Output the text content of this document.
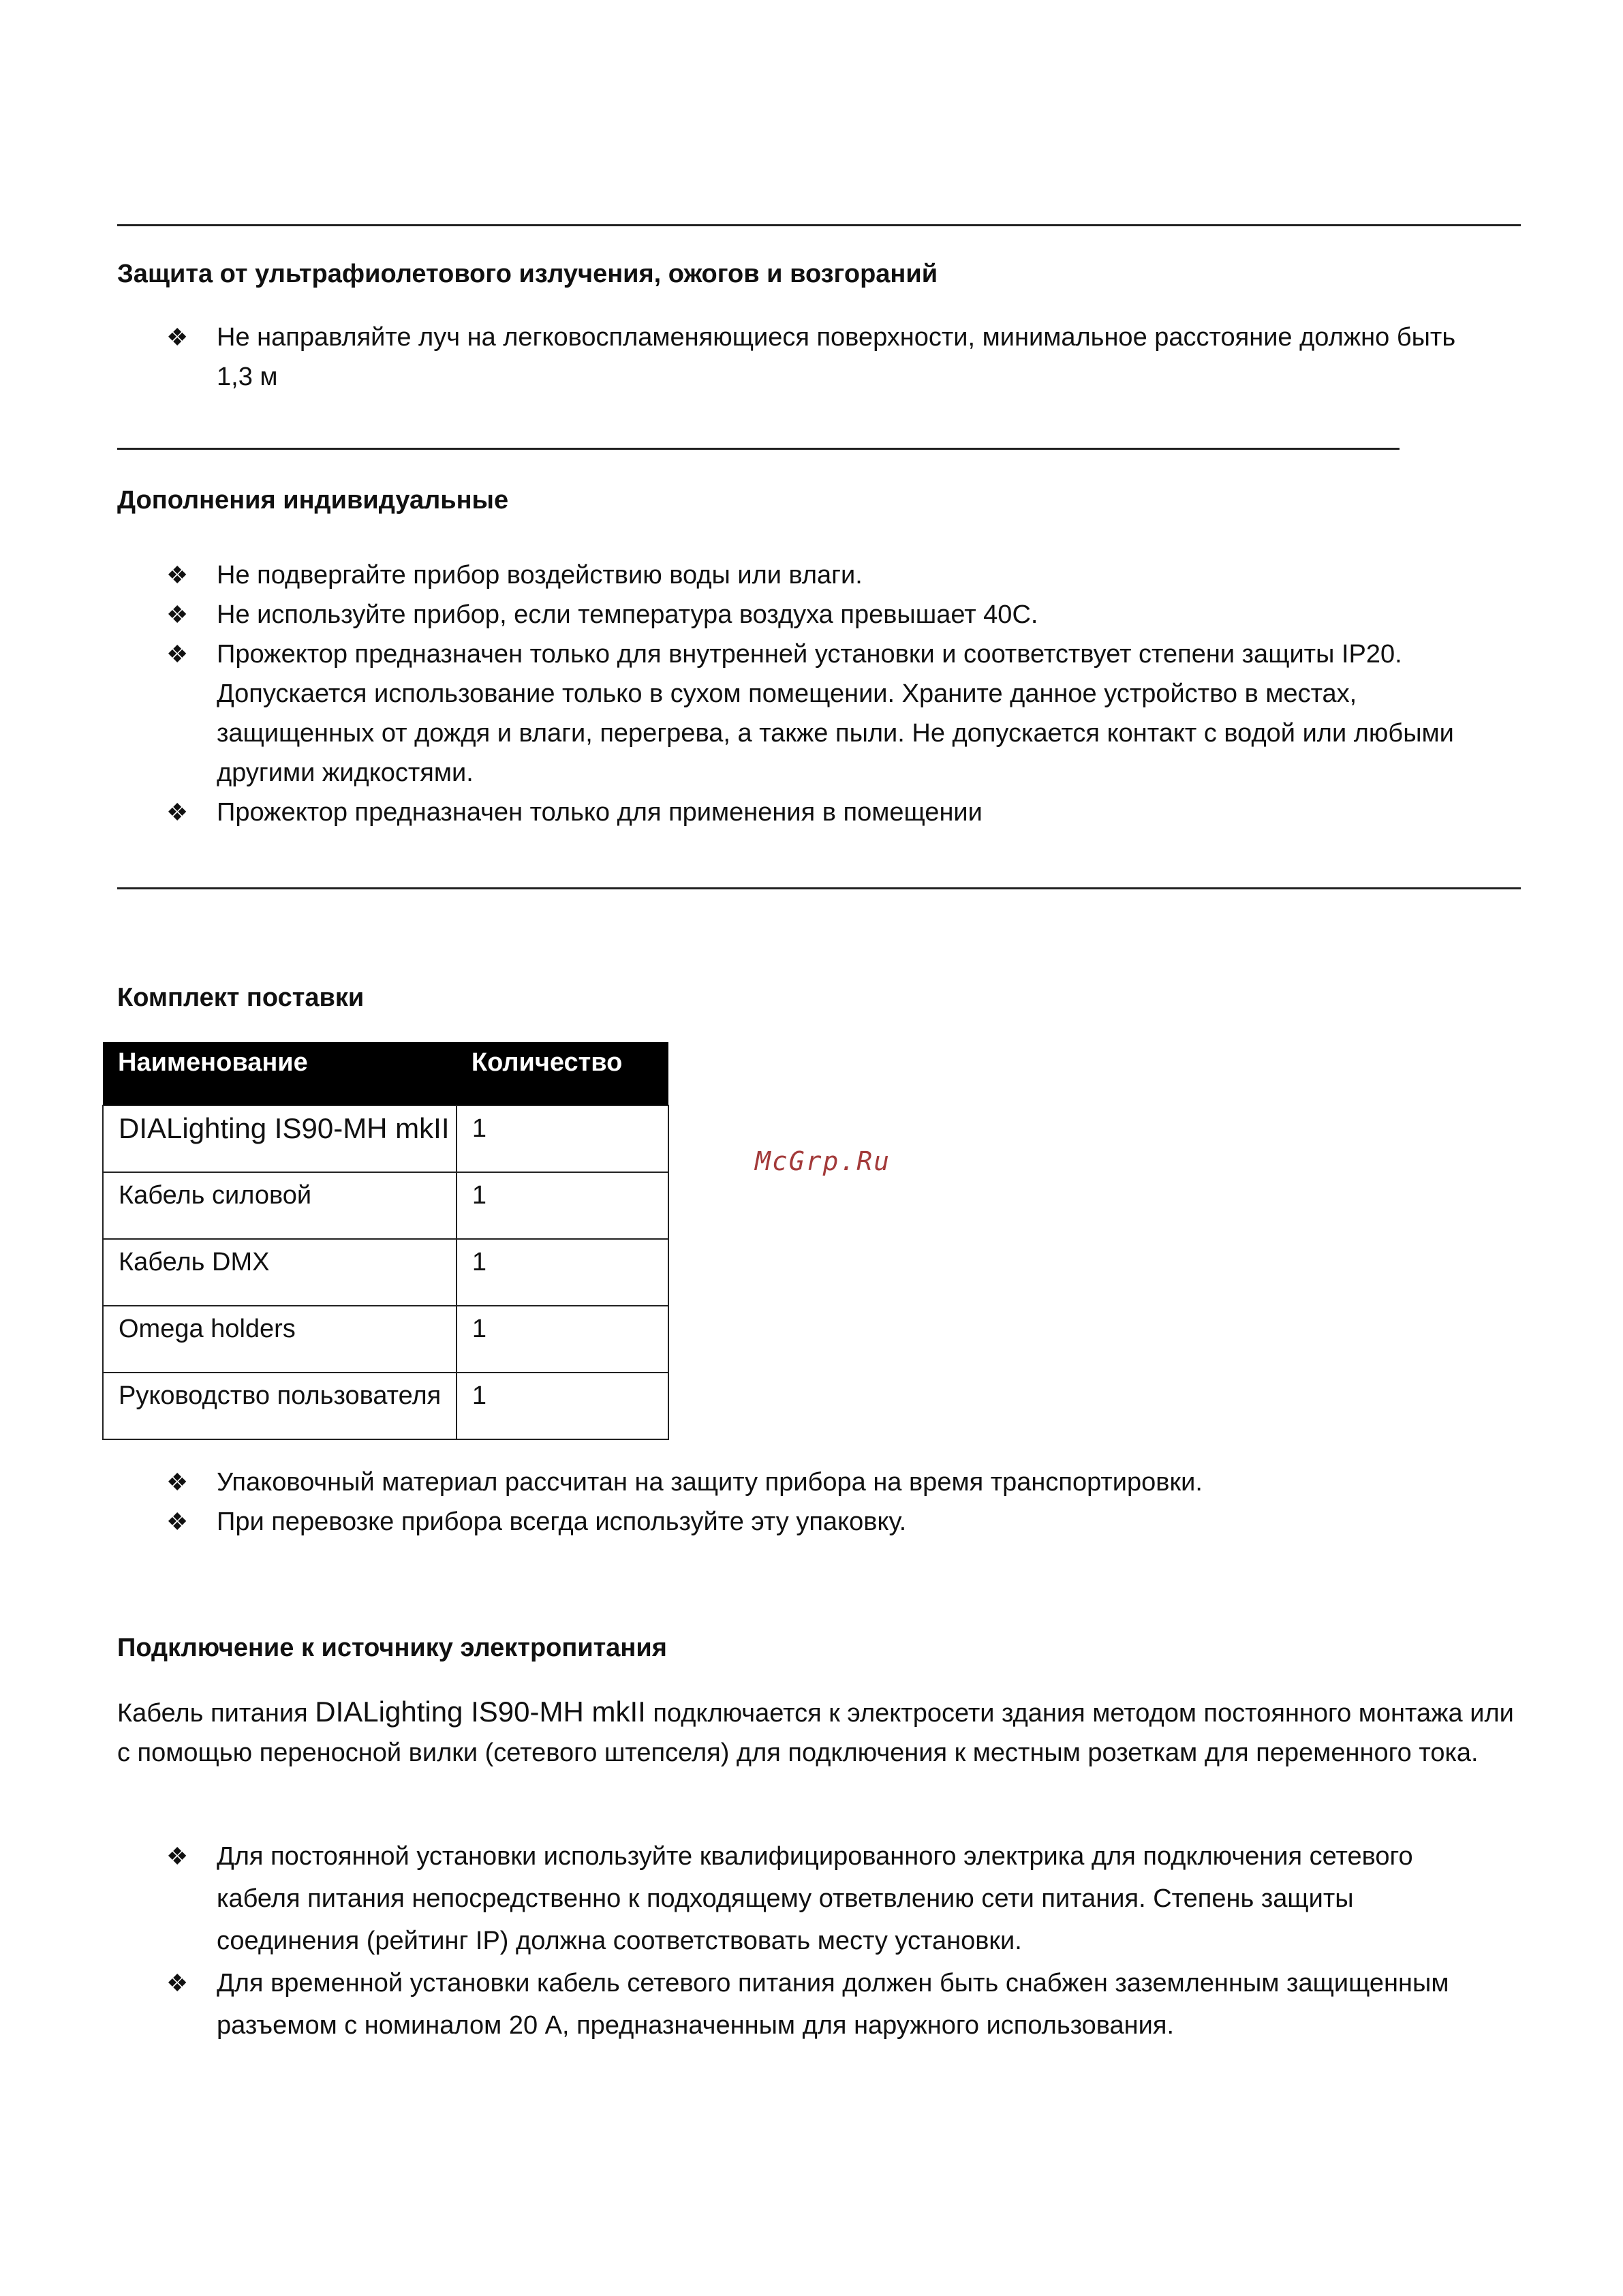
Защита от ультрафиолетового излучения, ожогов и возгораний
❖ Не направляйте луч на легковоспламеняющиеся поверхности, минимальное расстояние должно быть 1,3 м
Дополнения индивидуальные
❖ Не подвергайте прибор воздействию воды или влаги.
❖ Не используйте прибор, если температура воздуха превышает 40С.
❖ Прожектор предназначен только для внутренней установки и соответствует степени защиты IP20. Допускается использование только в сухом помещении. Храните данное устройство в местах, защищенных от дождя и влаги, перегрева, а также пыли. Не допускается контакт с водой или любыми другими жидкостями.
❖ Прожектор предназначен только для применения в помещении
Комплект поставки
Наименование	Количество
DIALighting IS90-MH mkII	1
Кабель силовой	1
Кабель DMX	1
Omega holders	1
Руководство пользователя	1
McGrp.Ru
❖ Упаковочный материал рассчитан на защиту прибора на время транспортировки.
❖ При перевозке прибора всегда используйте эту упаковку.
Подключение к источнику электропитания
Кабель питания DIALighting IS90-MH mkII подключается к электросети здания методом постоянного монтажа или с помощью переносной вилки (сетевого штепселя) для подключения к местным розеткам для переменного тока.
❖ Для постоянной установки используйте квалифицированного электрика для подключения сетевого кабеля питания непосредственно к подходящему ответвлению сети питания. Степень защиты соединения (рейтинг IP) должна соответствовать месту установки.
❖ Для временной установки кабель сетевого питания должен быть снабжен заземленным защищенным разъемом с номиналом 20 А, предназначенным для наружного использования.
